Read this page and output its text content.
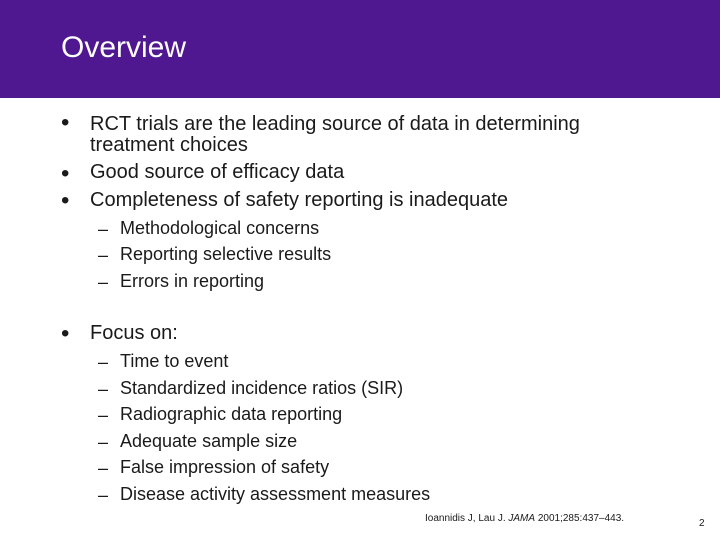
Overview
• RCT trials are the leading source of data in determining
treatment choices
• Good source of efficacy data
• Completeness of safety reporting is inadequate
– Methodological concerns
– Reporting selective results
– Errors in reporting
• Focus on:
– Time to event
– Standardized incidence ratios (SIR)
– Radiographic data reporting
– Adequate sample size
– False impression of safety
– Disease activity assessment measures
Ioannidis J, Lau J. JAMA 2001;285:437–443.	2
